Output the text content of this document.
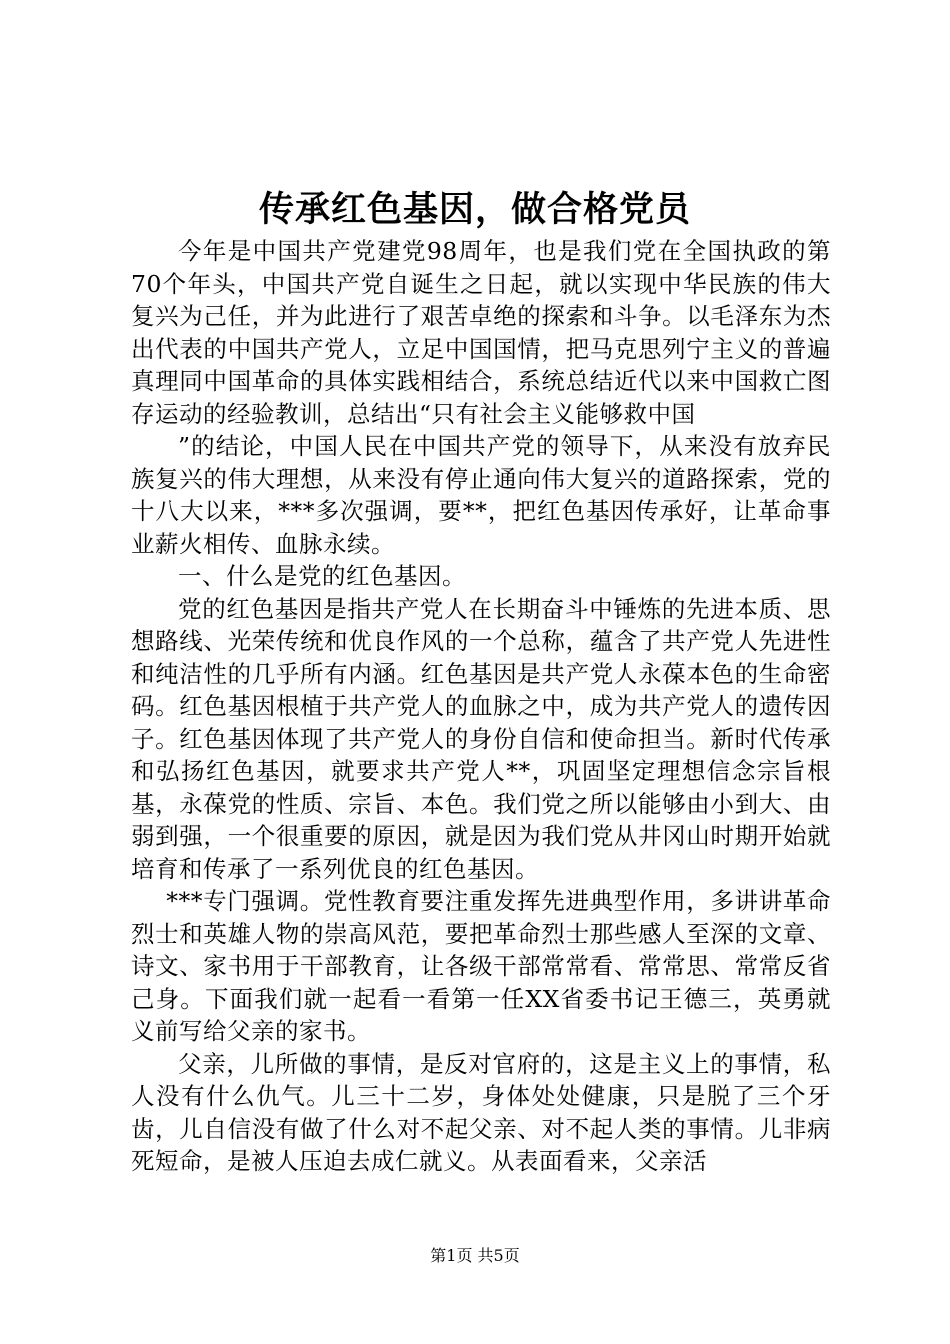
传承红色基因，做合格党员

今年是中国共产党建党98周年，也是我们党在全国执政的第70个年头，中国共产党自诞生之日起，就以实现中华民族的伟大复兴为己任，并为此进行了艰苦卓绝的探索和斗争。以毛泽东为杰出代表的中国共产党人，立足中国国情，把马克思列宁主义的普遍真理同中国革命的具体实践相结合，系统总结近代以来中国救亡图存运动的经验教训，总结出“只有社会主义能够救中国

”的结论，中国人民在中国共产党的领导下，从来没有放弃民族复兴的伟大理想，从来没有停止通向伟大复兴的道路探索，党的十八大以来，***多次强调，要**，把红色基因传承好，让革命事业薪火相传、血脉永续。

一、什么是党的红色基因。

党的红色基因是指共产党人在长期奋斗中锤炼的先进本质、思想路线、光荣传统和优良作风的一个总称，蕴含了共产党人先进性和纯洁性的几乎所有内涵。红色基因是共产党人永葆本色的生命密码。红色基因根植于共产党人的血脉之中，成为共产党人的遗传因子。红色基因体现了共产党人的身份自信和使命担当。新时代传承和弘扬红色基因，就要求共产党人**，巩固坚定理想信念宗旨根基，永葆党的性质、宗旨、本色。我们党之所以能够由小到大、由弱到强，一个很重要的原因，就是因为我们党从井冈山时期开始就培育和传承了一系列优良的红色基因。

***专门强调。党性教育要注重发挥先进典型作用，多讲讲革命烈士和英雄人物的崇高风范，要把革命烈士那些感人至深的文章、诗文、家书用于干部教育，让各级干部常常看、常常思、常常反省己身。下面我们就一起看一看第一任XX省委书记王德三，英勇就义前写给父亲的家书。

父亲，儿所做的事情，是反对官府的，这是主义上的事情，私人没有什么仇气。儿三十二岁，身体处处健康，只是脱了三个牙齿，儿自信没有做了什么对不起父亲、对不起人类的事情。儿非病死短命，是被人压迫去成仁就义。从表面看来，父亲活

第1页 共5页
